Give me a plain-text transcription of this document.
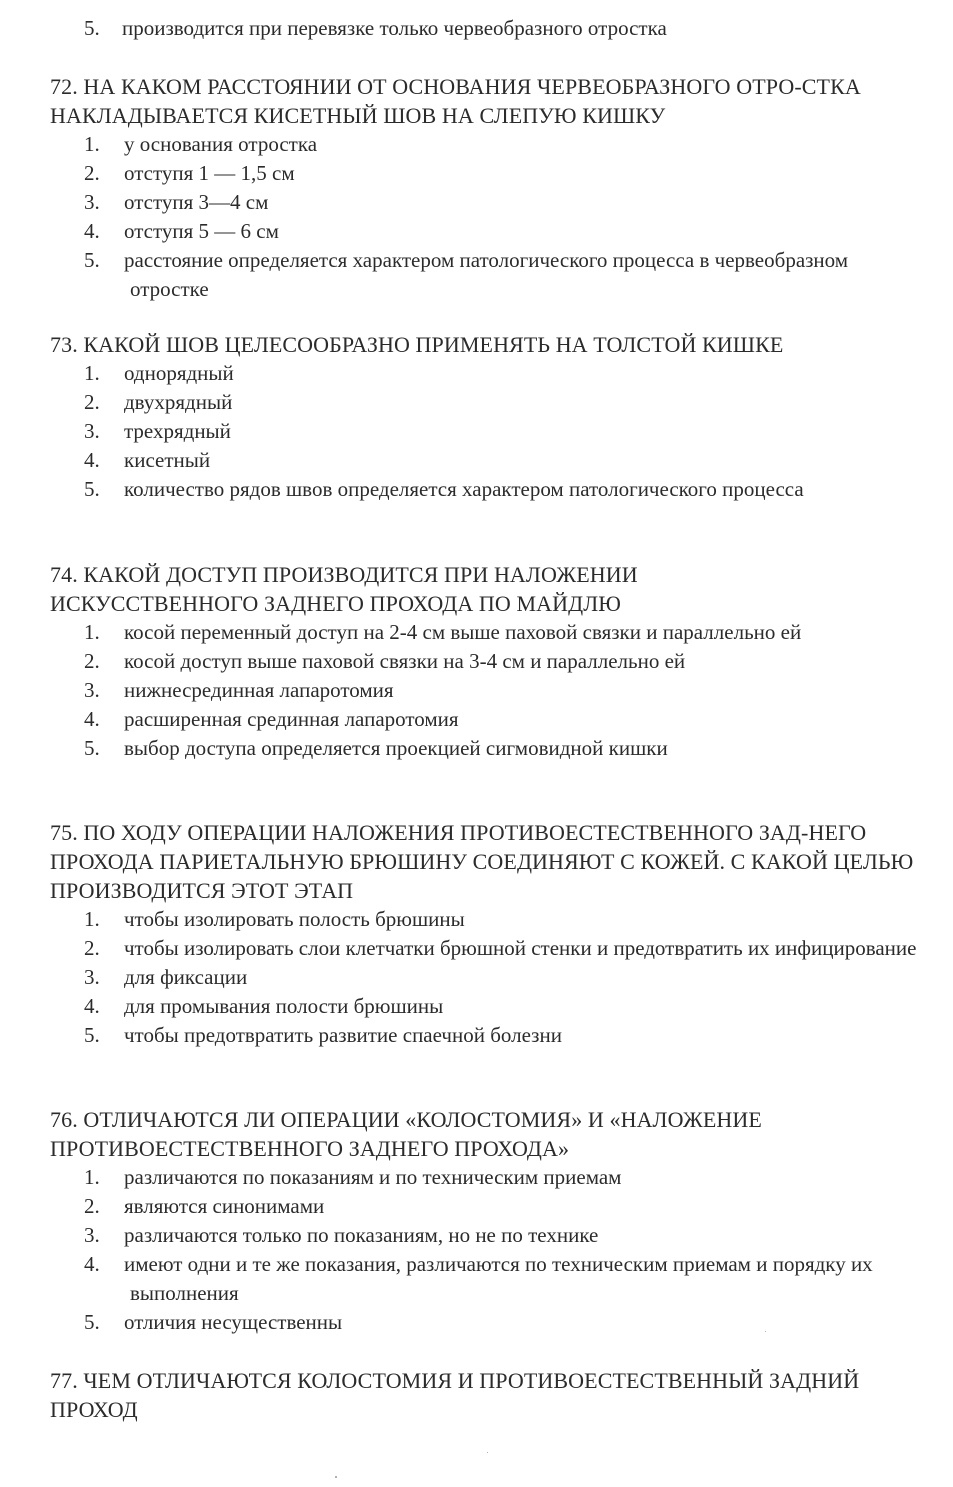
5. производится при перевязке только червеобразного отростка

72. НА КАКОМ РАССТОЯНИИ ОТ ОСНОВАНИЯ ЧЕРВЕОБРАЗНОГО ОТРО-СТКА НАКЛАДЫВАЕТСЯ КИСЕТНЫЙ ШОВ НА СЛЕПУЮ КИШКУ

1. у основания отростка
2. отступя 1 — 1,5 см
3. отступя 3—4 см
4. отступя 5 — 6 см
5. расстояние определяется характером патологического процесса в червеобразном отростке

73. КАКОЙ ШОВ ЦЕЛЕСООБРАЗНО ПРИМЕНЯТЬ НА ТОЛСТОЙ КИШКЕ

1. однорядный
2. двухрядный
3. трехрядный
4. кисетный
5. количество рядов швов определяется характером патологического процесса

74. КАКОЙ ДОСТУП ПРОИЗВОДИТСЯ ПРИ НАЛОЖЕНИИ ИСКУССТВЕННОГО ЗАДНЕГО ПРОХОДА ПО МАЙДЛЮ

1. косой переменный доступ на 2-4 см выше паховой связки и параллельно ей
2. косой доступ выше паховой связки на 3-4 см и параллельно ей
3. нижнесрединная лапаротомия
4. расширенная срединная лапаротомия
5. выбор доступа определяется проекцией сигмовидной кишки

75. ПО ХОДУ ОПЕРАЦИИ НАЛОЖЕНИЯ ПРОТИВОЕСТЕСТВЕННОГО ЗАД-НЕГО ПРОХОДА ПАРИЕТАЛЬНУЮ БРЮШИНУ СОЕДИНЯЮТ С КОЖЕЙ. С КАКОЙ ЦЕЛЬЮ ПРОИЗВОДИТСЯ ЭТОТ ЭТАП

1. чтобы изолировать полость брюшины
2. чтобы изолировать слои клетчатки брюшной стенки и предотвратить их инфицирование
3. для фиксации
4. для промывания полости брюшины
5. чтобы предотвратить развитие спаечной болезни

76. ОТЛИЧАЮТСЯ ЛИ ОПЕРАЦИИ «КОЛОСТОМИЯ» И «НАЛОЖЕНИЕ ПРОТИВОЕСТЕСТВЕННОГО ЗАДНЕГО ПРОХОДА»

1. различаются по показаниям и по техническим приемам
2. являются синонимами
3. различаются только по показаниям, но не по технике
4. имеют одни и те же показания, различаются по техническим приемам и порядку их выполнения
5. отличия несущественны

77. ЧЕМ ОТЛИЧАЮТСЯ КОЛОСТОМИЯ И ПРОТИВОЕСТЕСТВЕННЫЙ ЗАДНИЙ ПРОХОД
